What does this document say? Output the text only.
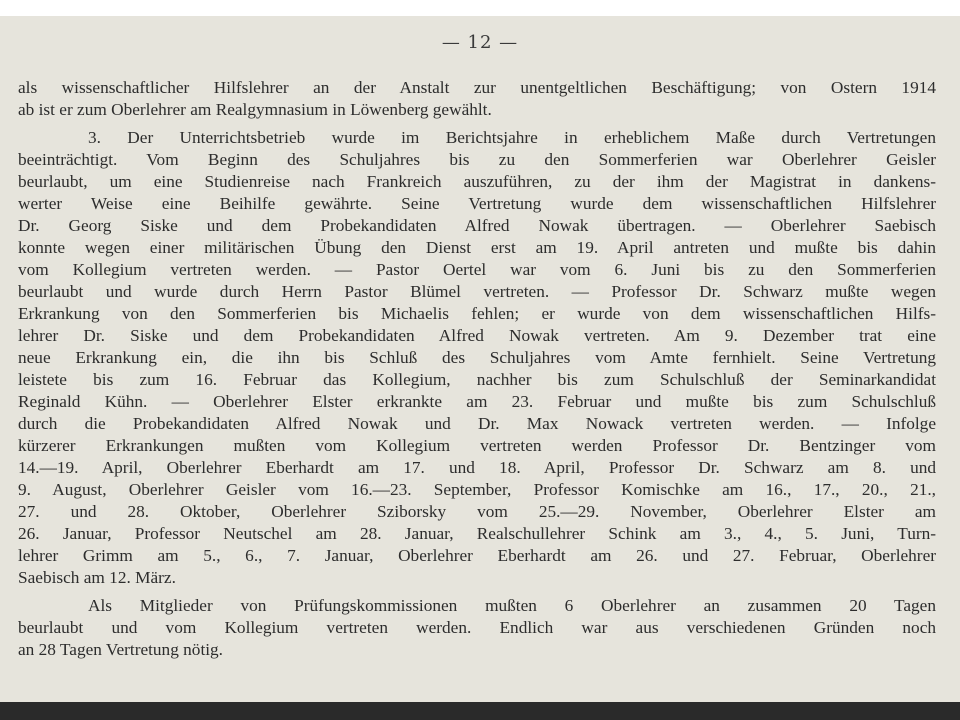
— 12 —

als wissenschaftlicher Hilfslehrer an der Anstalt zur unentgeltlichen Beschäftigung; von Ostern 1914

ab ist er zum Oberlehrer am Realgymnasium in Löwenberg gewählt.

3. Der Unterrichtsbetrieb wurde im Berichtsjahre in erheblichem Maße durch Vertretungen

beeinträchtigt. Vom Beginn des Schuljahres bis zu den Sommerferien war Oberlehrer Geisler

beurlaubt, um eine Studienreise nach Frankreich auszuführen, zu der ihm der Magistrat in dankens-

werter Weise eine Beihilfe gewährte. Seine Vertretung wurde dem wissenschaftlichen Hilfslehrer

Dr. Georg Siske und dem Probekandidaten Alfred Nowak übertragen. — Oberlehrer Saebisch

konnte wegen einer militärischen Übung den Dienst erst am 19. April antreten und mußte bis dahin

vom Kollegium vertreten werden. — Pastor Oertel war vom 6. Juni bis zu den Sommerferien

beurlaubt und wurde durch Herrn Pastor Blümel vertreten. — Professor Dr. Schwarz mußte wegen

Erkrankung von den Sommerferien bis Michaelis fehlen; er wurde von dem wissenschaftlichen Hilfs-

lehrer Dr. Siske und dem Probekandidaten Alfred Nowak vertreten. Am 9. Dezember trat eine

neue Erkrankung ein, die ihn bis Schluß des Schuljahres vom Amte fernhielt. Seine Vertretung

leistete bis zum 16. Februar das Kollegium, nachher bis zum Schulschluß der Seminarkandidat

Reginald Kühn. — Oberlehrer Elster erkrankte am 23. Februar und mußte bis zum Schulschluß

durch die Probekandidaten Alfred Nowak und Dr. Max Nowack vertreten werden. — Infolge

kürzerer Erkrankungen mußten vom Kollegium vertreten werden Professor Dr. Bentzinger vom

14.—19. April, Oberlehrer Eberhardt am 17. und 18. April, Professor Dr. Schwarz am 8. und

9. August, Oberlehrer Geisler vom 16.—23. September, Professor Komischke am 16., 17., 20., 21.,

27. und 28. Oktober, Oberlehrer Sziborsky vom 25.—29. November, Oberlehrer Elster am

26. Januar, Professor Neutschel am 28. Januar, Realschullehrer Schink am 3., 4., 5. Juni, Turn-

lehrer Grimm am 5., 6., 7. Januar, Oberlehrer Eberhardt am 26. und 27. Februar, Oberlehrer

Saebisch am 12. März.

Als Mitglieder von Prüfungskommissionen mußten 6 Oberlehrer an zusammen 20 Tagen

beurlaubt und vom Kollegium vertreten werden. Endlich war aus verschiedenen Gründen noch

an 28 Tagen Vertretung nötig.
